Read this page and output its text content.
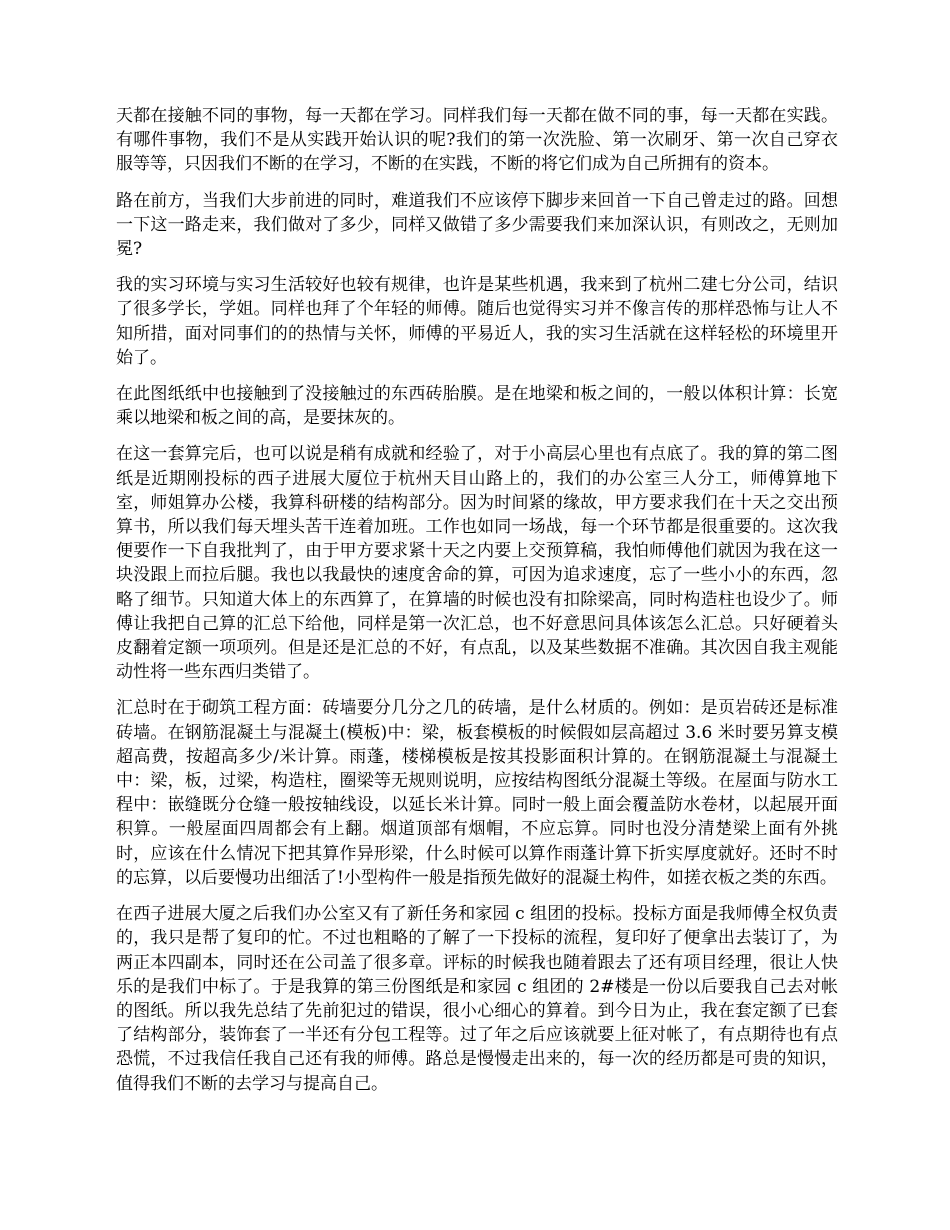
天都在接触不同的事物，每一天都在学习。同样我们每一天都在做不同的事，每一天都在实践。有哪件事物，我们不是从实践开始认识的呢?我们的第一次洗脸、第一次刷牙、第一次自己穿衣服等等，只因我们不断的在学习，不断的在实践，不断的将它们成为自己所拥有的资本。

路在前方，当我们大步前进的同时，难道我们不应该停下脚步来回首一下自己曾走过的路。回想一下这一路走来，我们做对了多少，同样又做错了多少需要我们来加深认识，有则改之，无则加冕?

我的实习环境与实习生活较好也较有规律，也许是某些机遇，我来到了杭州二建七分公司，结识了很多学长，学姐。同样也拜了个年轻的师傅。随后也觉得实习并不像言传的那样恐怖与让人不知所措，面对同事们的的热情与关怀，师傅的平易近人，我的实习生活就在这样轻松的环境里开始了。

在此图纸纸中也接触到了没接触过的东西砖胎膜。是在地梁和板之间的，一般以体积计算：长宽乘以地梁和板之间的高，是要抹灰的。

在这一套算完后，也可以说是稍有成就和经验了，对于小高层心里也有点底了。我的算的第二图纸是近期刚投标的西子进展大厦位于杭州天目山路上的，我们的办公室三人分工，师傅算地下室，师姐算办公楼，我算科研楼的结构部分。因为时间紧的缘故，甲方要求我们在十天之交出预算书，所以我们每天埋头苦干连着加班。工作也如同一场战，每一个环节都是很重要的。这次我便要作一下自我批判了，由于甲方要求紧十天之内要上交预算稿，我怕师傅他们就因为我在这一块没跟上而拉后腿。我也以我最快的速度舍命的算，可因为追求速度，忘了一些小小的东西，忽略了细节。只知道大体上的东西算了，在算墙的时候也没有扣除梁高，同时构造柱也设少了。师傅让我把自己算的汇总下给他，同样是第一次汇总，也不好意思问具体该怎么汇总。只好硬着头皮翻着定额一项项列。但是还是汇总的不好，有点乱，以及某些数据不准确。其次因自我主观能动性将一些东西归类错了。

汇总时在于砌筑工程方面：砖墙要分几分之几的砖墙，是什么材质的。例如：是页岩砖还是标准砖墙。在钢筋混凝土与混凝土(模板)中：梁，板套模板的时候假如层高超过 3.6 米时要另算支模超高费，按超高多少/米计算。雨蓬，楼梯模板是按其投影面积计算的。在钢筋混凝土与混凝土中：梁，板，过梁，构造柱，圈梁等无规则说明，应按结构图纸分混凝土等级。在屋面与防水工程中：嵌缝既分仓缝一般按轴线设，以延长米计算。同时一般上面会覆盖防水卷材，以起展开面积算。一般屋面四周都会有上翻。烟道顶部有烟帽，不应忘算。同时也没分清楚梁上面有外挑时，应该在什么情况下把其算作异形梁，什么时候可以算作雨蓬计算下折实厚度就好。还时不时的忘算，以后要慢功出细活了!小型构件一般是指预先做好的混凝土构件，如搓衣板之类的东西。

在西子进展大厦之后我们办公室又有了新任务和家园 c 组团的投标。投标方面是我师傅全权负责的，我只是帮了复印的忙。不过也粗略的了解了一下投标的流程，复印好了便拿出去装订了，为两正本四副本，同时还在公司盖了很多章。评标的时候我也随着跟去了还有项目经理，很让人快乐的是我们中标了。于是我算的第三份图纸是和家园 c 组团的 2#楼是一份以后要我自己去对帐的图纸。所以我先总结了先前犯过的错误，很小心细心的算着。到今日为止，我在套定额了已套了结构部分，装饰套了一半还有分包工程等。过了年之后应该就要上征对帐了，有点期待也有点恐慌，不过我信任我自己还有我的师傅。路总是慢慢走出来的，每一次的经历都是可贵的知识，值得我们不断的去学习与提高自己。
